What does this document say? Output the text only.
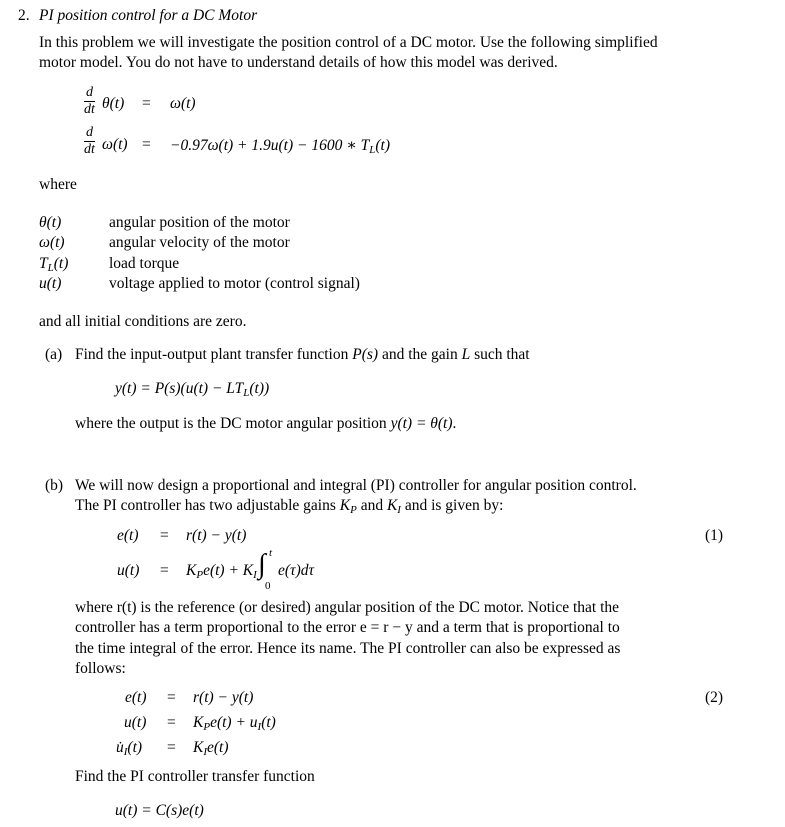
2. PI position control for a DC Motor
In this problem we will investigate the position control of a DC motor. Use the following simplified
motor model. You do not have to understand details of how this model was derived.
$\frac{d}{dt} \theta(t) = \omega(t)$
$\frac{d}{dt} \omega(t) = -0.97\omega(t) + 1.9u(t) - 1600$ ∗ $T_L(t)$
where
θ(t)	angular position of the motor
ω(t)	angular velocity of the motor
$T_L(t)$	load torque
u(t)	voltage applied to motor (control signal)
and all initial conditions are zero.
(a) Find the input-output plant transfer function P(s) and the gain L such that
$y(t) = P(s)(u(t) - LT_L(t))$
where the output is the DC motor angular position y(t) = θ(t).
(b) We will now design a proportional and integral (PI) controller for angular position control.
The PI controller has two adjustable gains $K_P$ and $K_I$ and is given by:
e(t) = r(t) − y(t)	(1)
$u(t) = K_Pe(t) + K_I$ ∫ t
0
e(τ)dτ
where r(t) is the reference (or desired) angular position of the DC motor. Notice that the
controller has a term proportional to the error e = r − y and a term that is proportional to
the time integral of the error. Hence its name. The PI controller can also be expressed as
follows:
e(t) = r(t) − y(t)	(2)
$u(t) = K_Pe(t) + u_I(t)$
$u̇_I(t) = K_Ie(t)$
Find the PI controller transfer function
u(t) = C(s)e(t)
